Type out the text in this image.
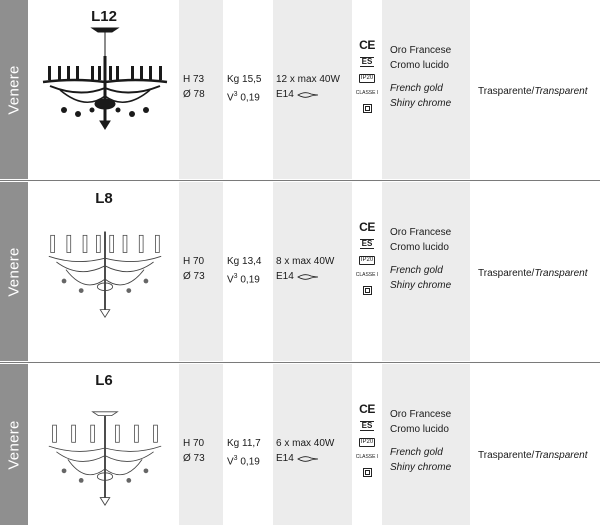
Venere
L12
H 73
Ø 78
Kg 15,5
$V^3$ 0,19
12 x max 40W
E14
CE
ES
IP20
CLASSE I
Oro Francese
Cromo lucido
French gold
Shiny chrome
Trasparente/Transparent
Venere
L8
H 70
Ø 73
Kg 13,4
$V^3$ 0,19
8 x max 40W
E14
CE
ES
IP20
CLASSE I
Oro Francese
Cromo lucido
French gold
Shiny chrome
Trasparente/Transparent
Venere
L6
H 70
Ø 73
Kg 11,7
$V^3$ 0,19
6 x max 40W
E14
CE
ES
IP20
CLASSE I
Oro Francese
Cromo lucido
French gold
Shiny chrome
Trasparente/Transparent
